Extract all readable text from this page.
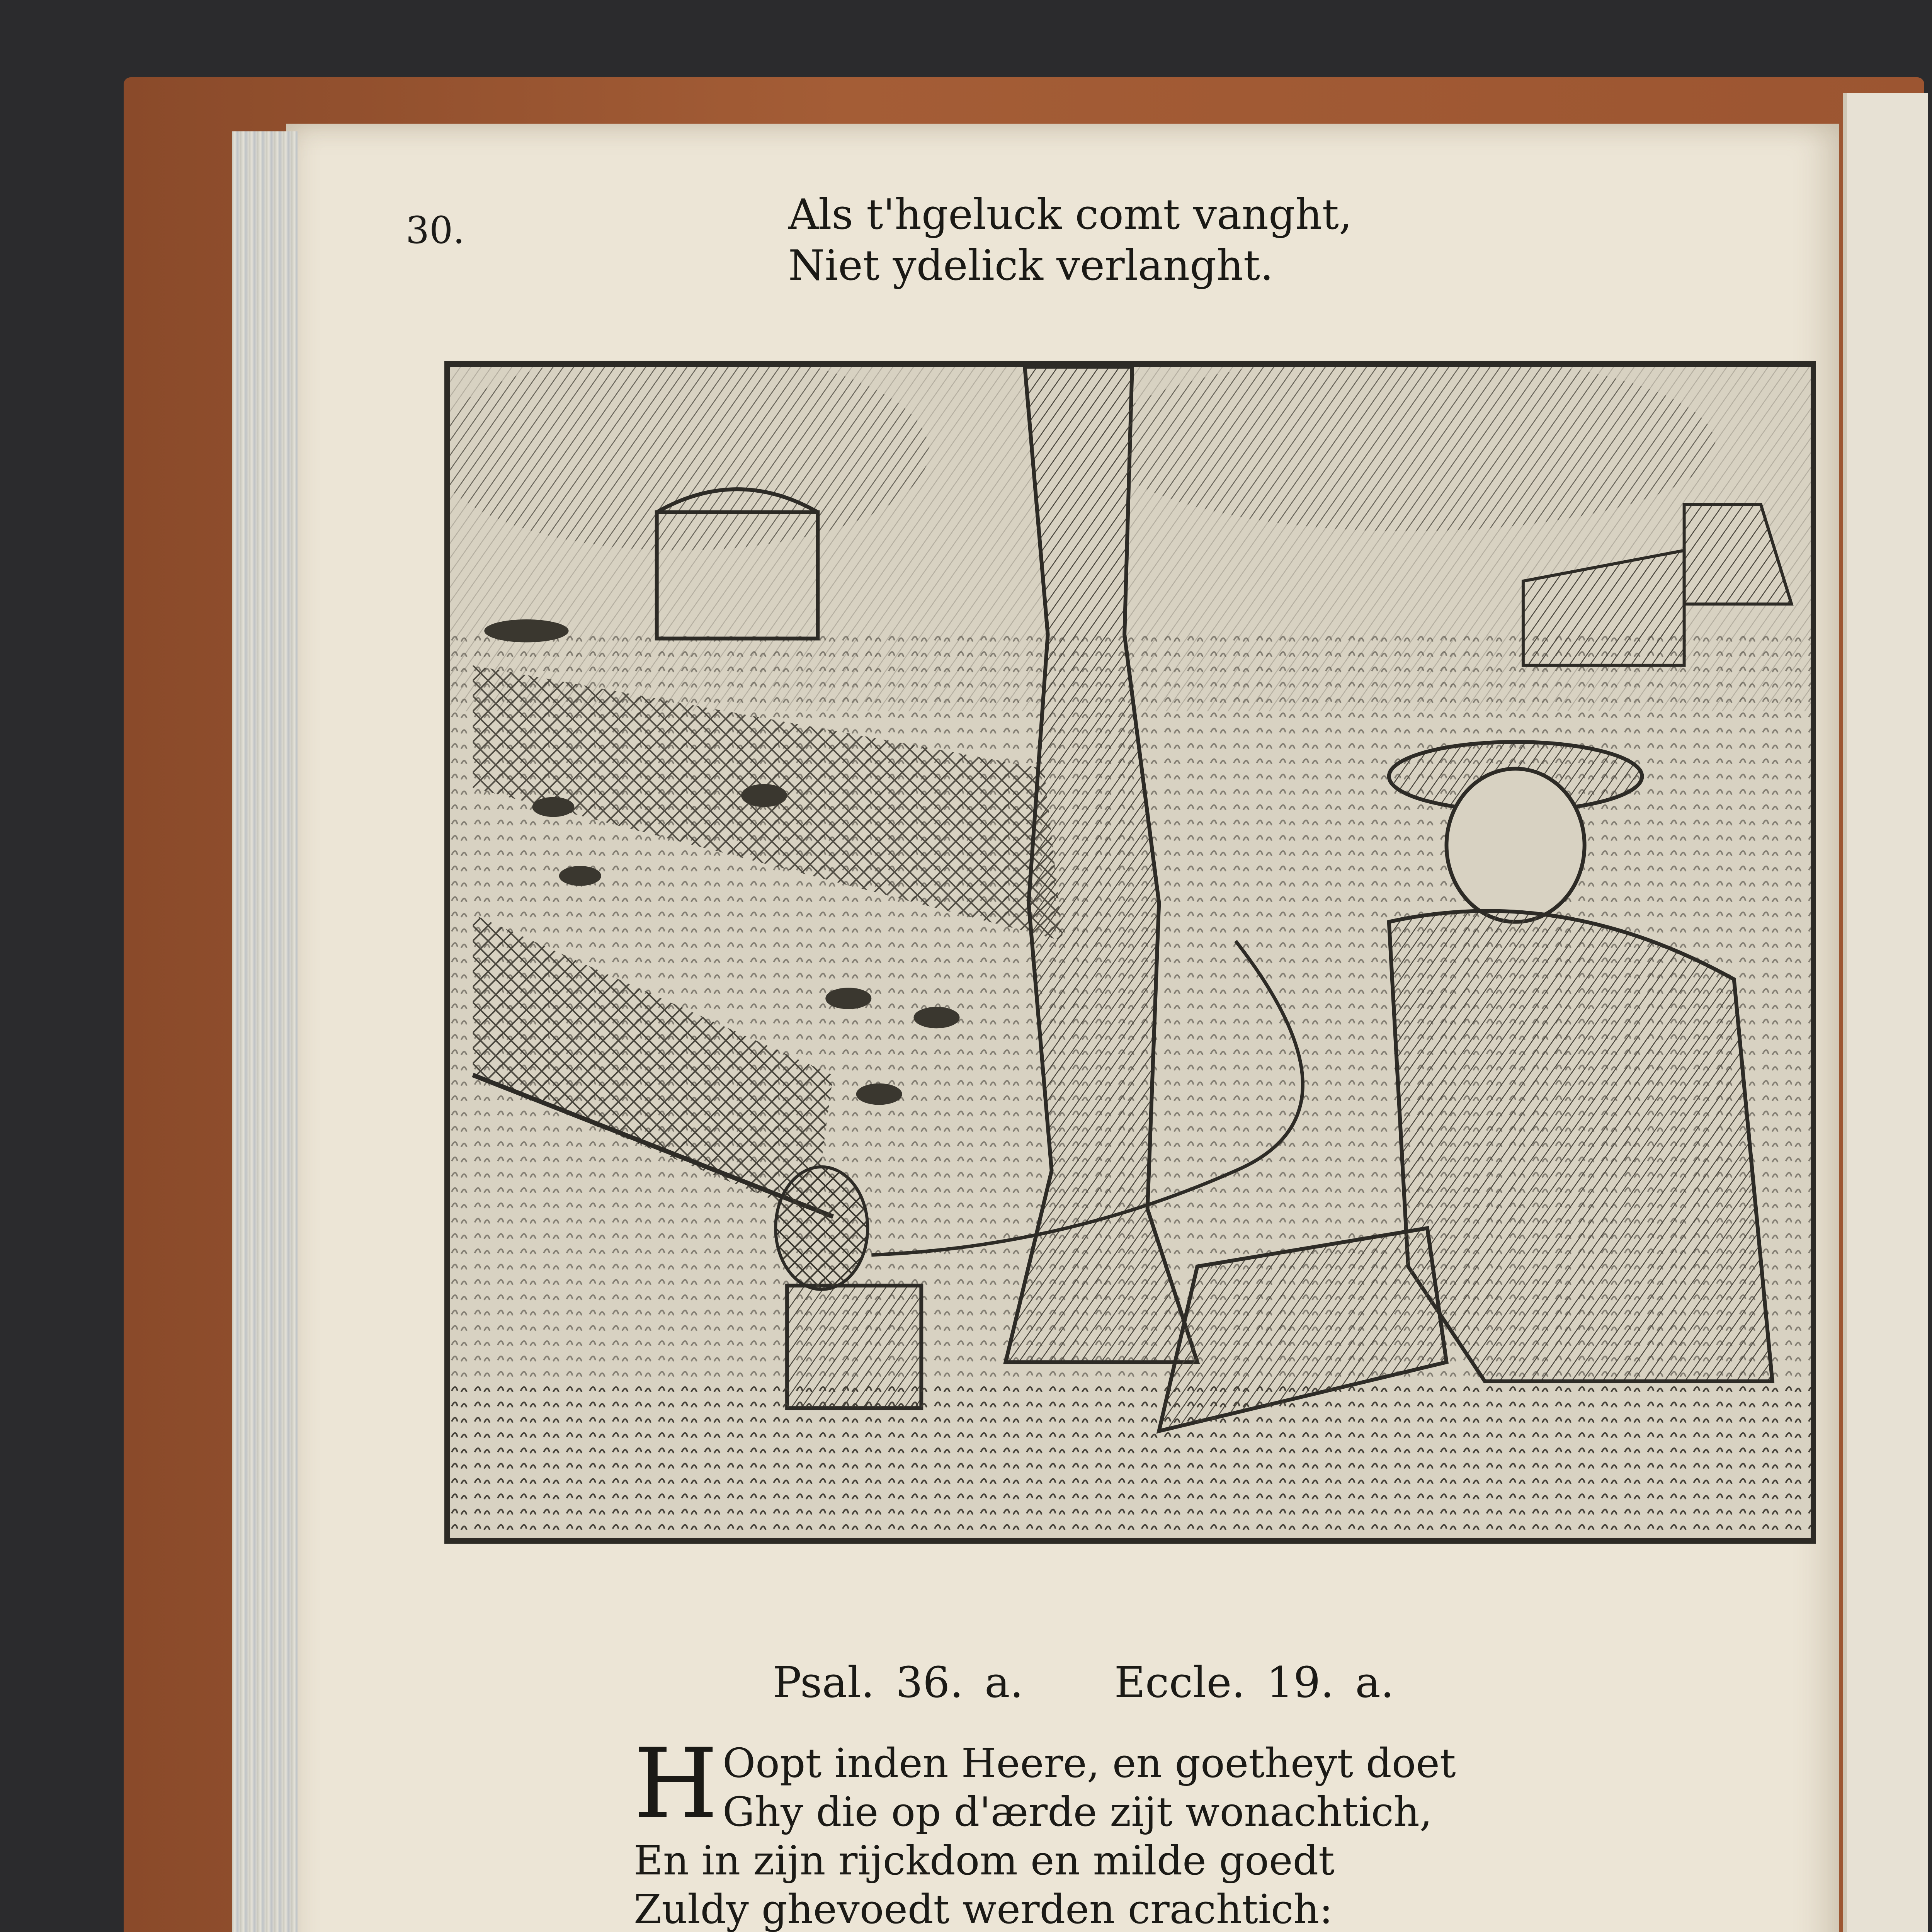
30.	Als t'hgeluck comt vanght,
Niet ydelick verlanght.
Psal. 36. a. Eccle. 19. a.
H Oopt inden Heere, en goetheyt doet
Ghy die op d'ærde zijt wonachtich,
En in zijn rijckdom en milde goedt
Zuldy ghevoedt werden crachtich:
